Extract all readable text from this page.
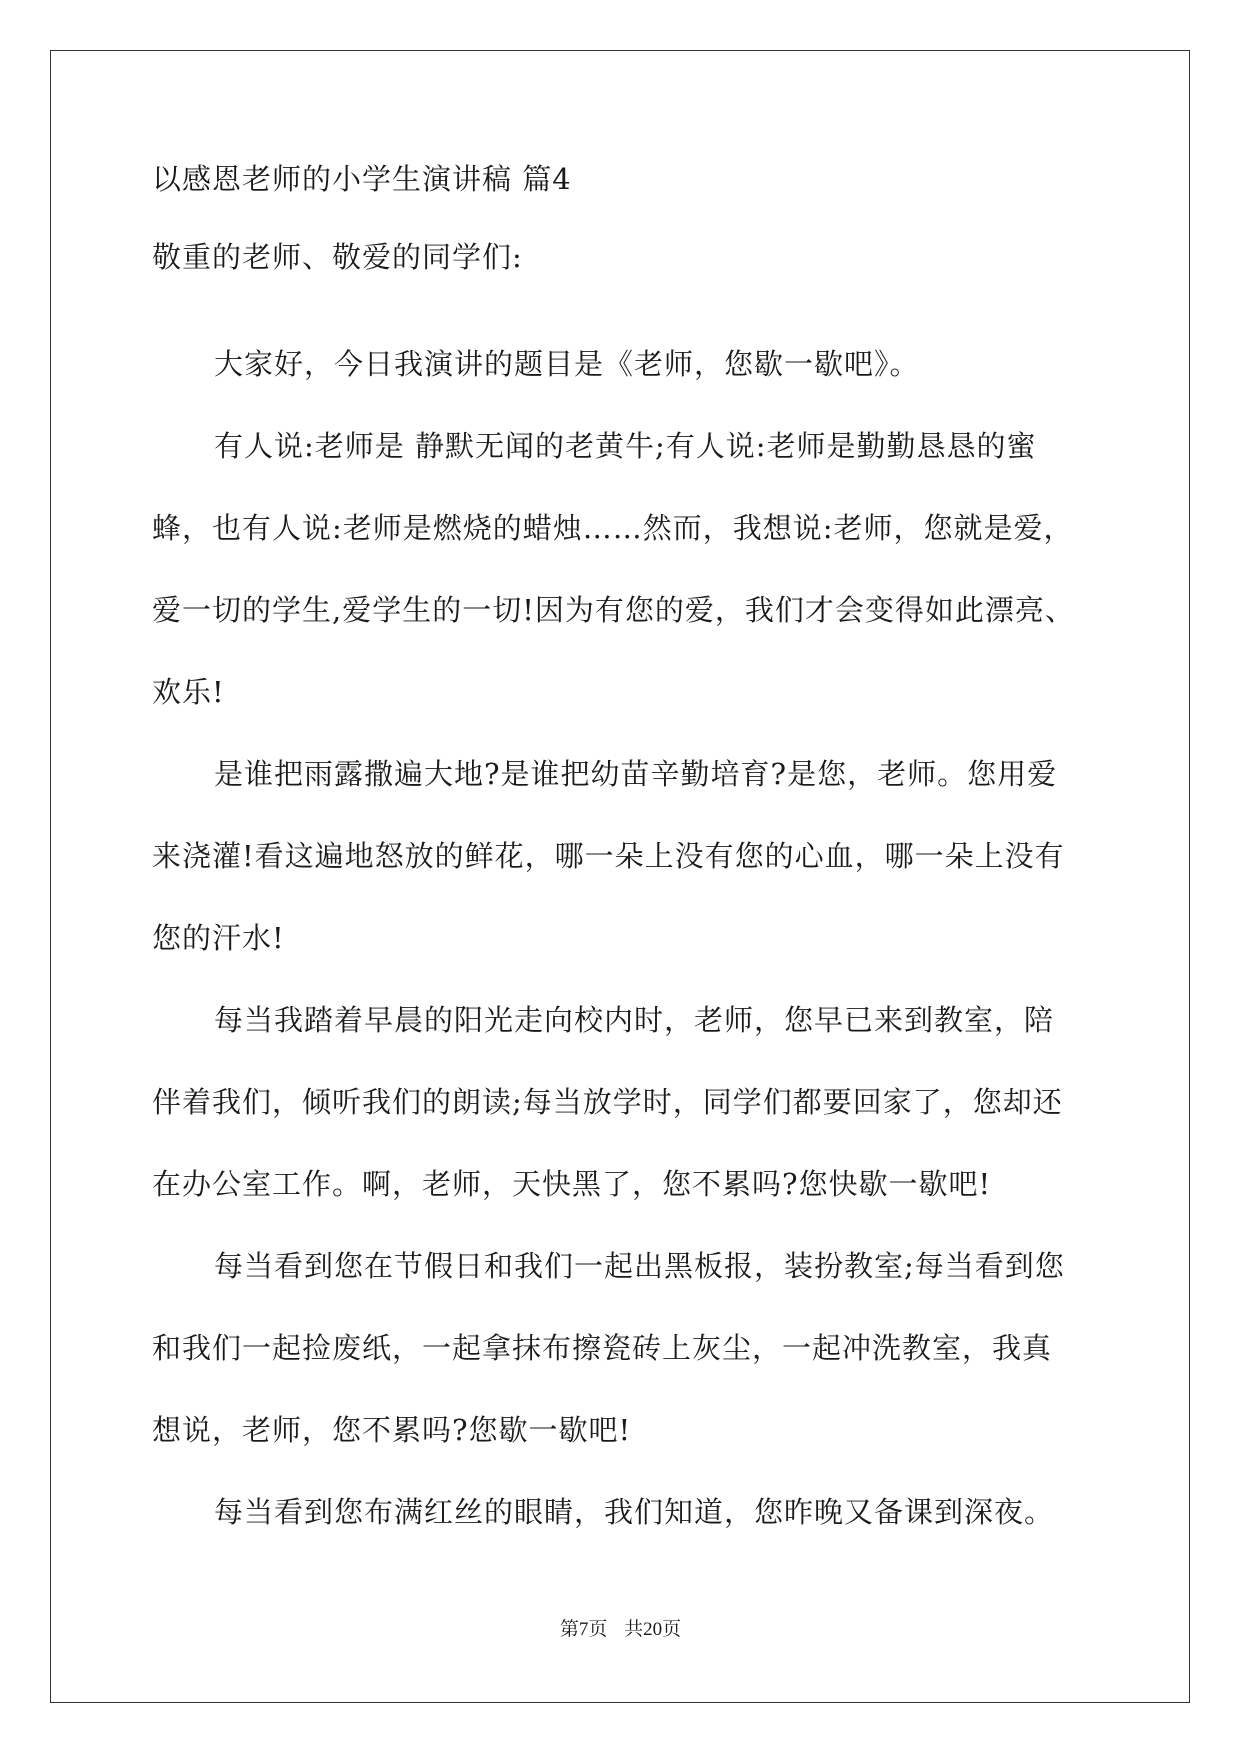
以感恩老师的小学生演讲稿 篇4
敬重的老师、敬爱的同学们:
大家好，今日我演讲的题目是《老师，您歇一歇吧》。
有人说:老师是 静默无闻的老黄牛;有人说:老师是勤勤恳恳的蜜
蜂，也有人说:老师是燃烧的蜡烛……然而，我想说:老师，您就是爱，
爱一切的学生,爱学生的一切!因为有您的爱，我们才会变得如此漂亮、
欢乐!
是谁把雨露撒遍大地?是谁把幼苗辛勤培育?是您，老师。您用爱
来浇灌!看这遍地怒放的鲜花，哪一朵上没有您的心血，哪一朵上没有
您的汗水!
每当我踏着早晨的阳光走向校内时，老师，您早已来到教室，陪
伴着我们，倾听我们的朗读;每当放学时，同学们都要回家了，您却还
在办公室工作。啊，老师，天快黑了，您不累吗?您快歇一歇吧!
每当看到您在节假日和我们一起出黑板报，装扮教室;每当看到您
和我们一起捡废纸，一起拿抹布擦瓷砖上灰尘，一起冲洗教室，我真
想说，老师，您不累吗?您歇一歇吧!
每当看到您布满红丝的眼睛，我们知道，您昨晚又备课到深夜。
第7页 共20页
